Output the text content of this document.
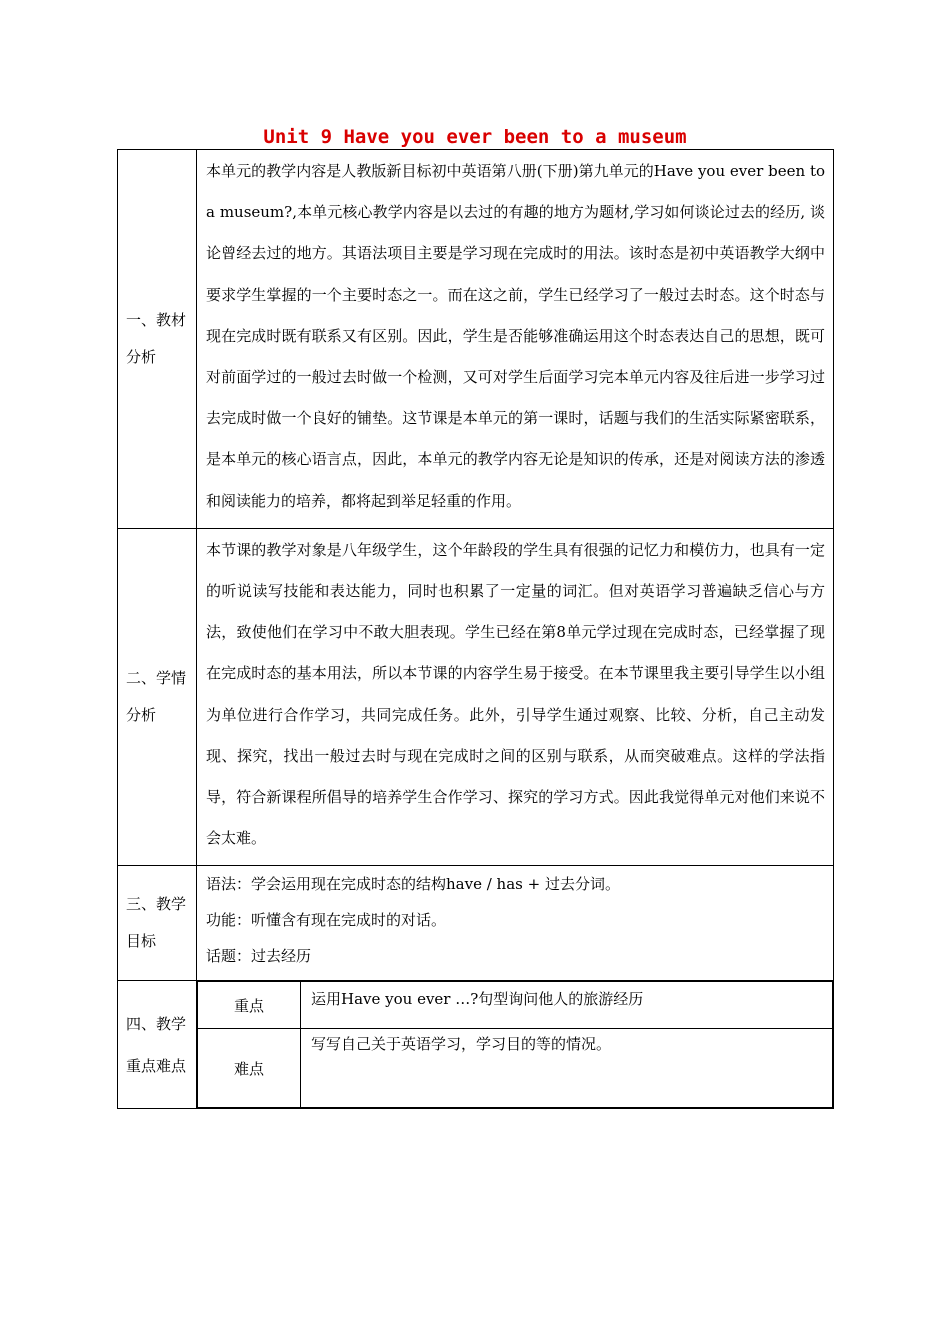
Unit 9 Have you ever been to a museum
一、教材分析
	本单元的教学内容是人教版新目标初中英语第八册(下册)第九单元的Have you ever been to a museum?,本单元核心教学内容是以去过的有趣的地方为题材,学习如何谈论过去的经历, 谈论曾经去过的地方。其语法项目主要是学习现在完成时的用法。该时态是初中英语教学大纲中要求学生掌握的一个主要时态之一。而在这之前，学生已经学习了一般过去时态。这个时态与现在完成时既有联系又有区别。因此，学生是否能够准确运用这个时态表达自己的思想，既可对前面学过的一般过去时做一个检测，又可对学生后面学习完本单元内容及往后进一步学习过去完成时做一个良好的铺垫。这节课是本单元的第一课时，话题与我们的生活实际紧密联系，是本单元的核心语言点，因此，本单元的教学内容无论是知识的传承，还是对阅读方法的渗透和阅读能力的培养，都将起到举足轻重的作用。

二、学情分析
	本节课的教学对象是八年级学生，这个年龄段的学生具有很强的记忆力和模仿力，也具有一定的听说读写技能和表达能力，同时也积累了一定量的词汇。但对英语学习普遍缺乏信心与方法，致使他们在学习中不敢大胆表现。学生已经在第8单元学过现在完成时态，已经掌握了现在完成时态的基本用法，所以本节课的内容学生易于接受。在本节课里我主要引导学生以小组为单位进行合作学习，共同完成任务。此外，引导学生通过观察、比较、分析，自己主动发现、探究，找出一般过去时与现在完成时之间的区别与联系，从而突破难点。这样的学法指导，符合新课程所倡导的培养学生合作学习、探究的学习方式。因此我觉得单元对他们来说不会太难。

三、教学目标

语法：学会运用现在完成时态的结构have / has + 过去分词。
功能：听懂含有现在完成时的对话。
话题：过去经历

四、教学重点难点

重点	运用Have you ever …?句型询问他人的旅游经历
难点	写写自己关于英语学习，学习目的等的情况。
